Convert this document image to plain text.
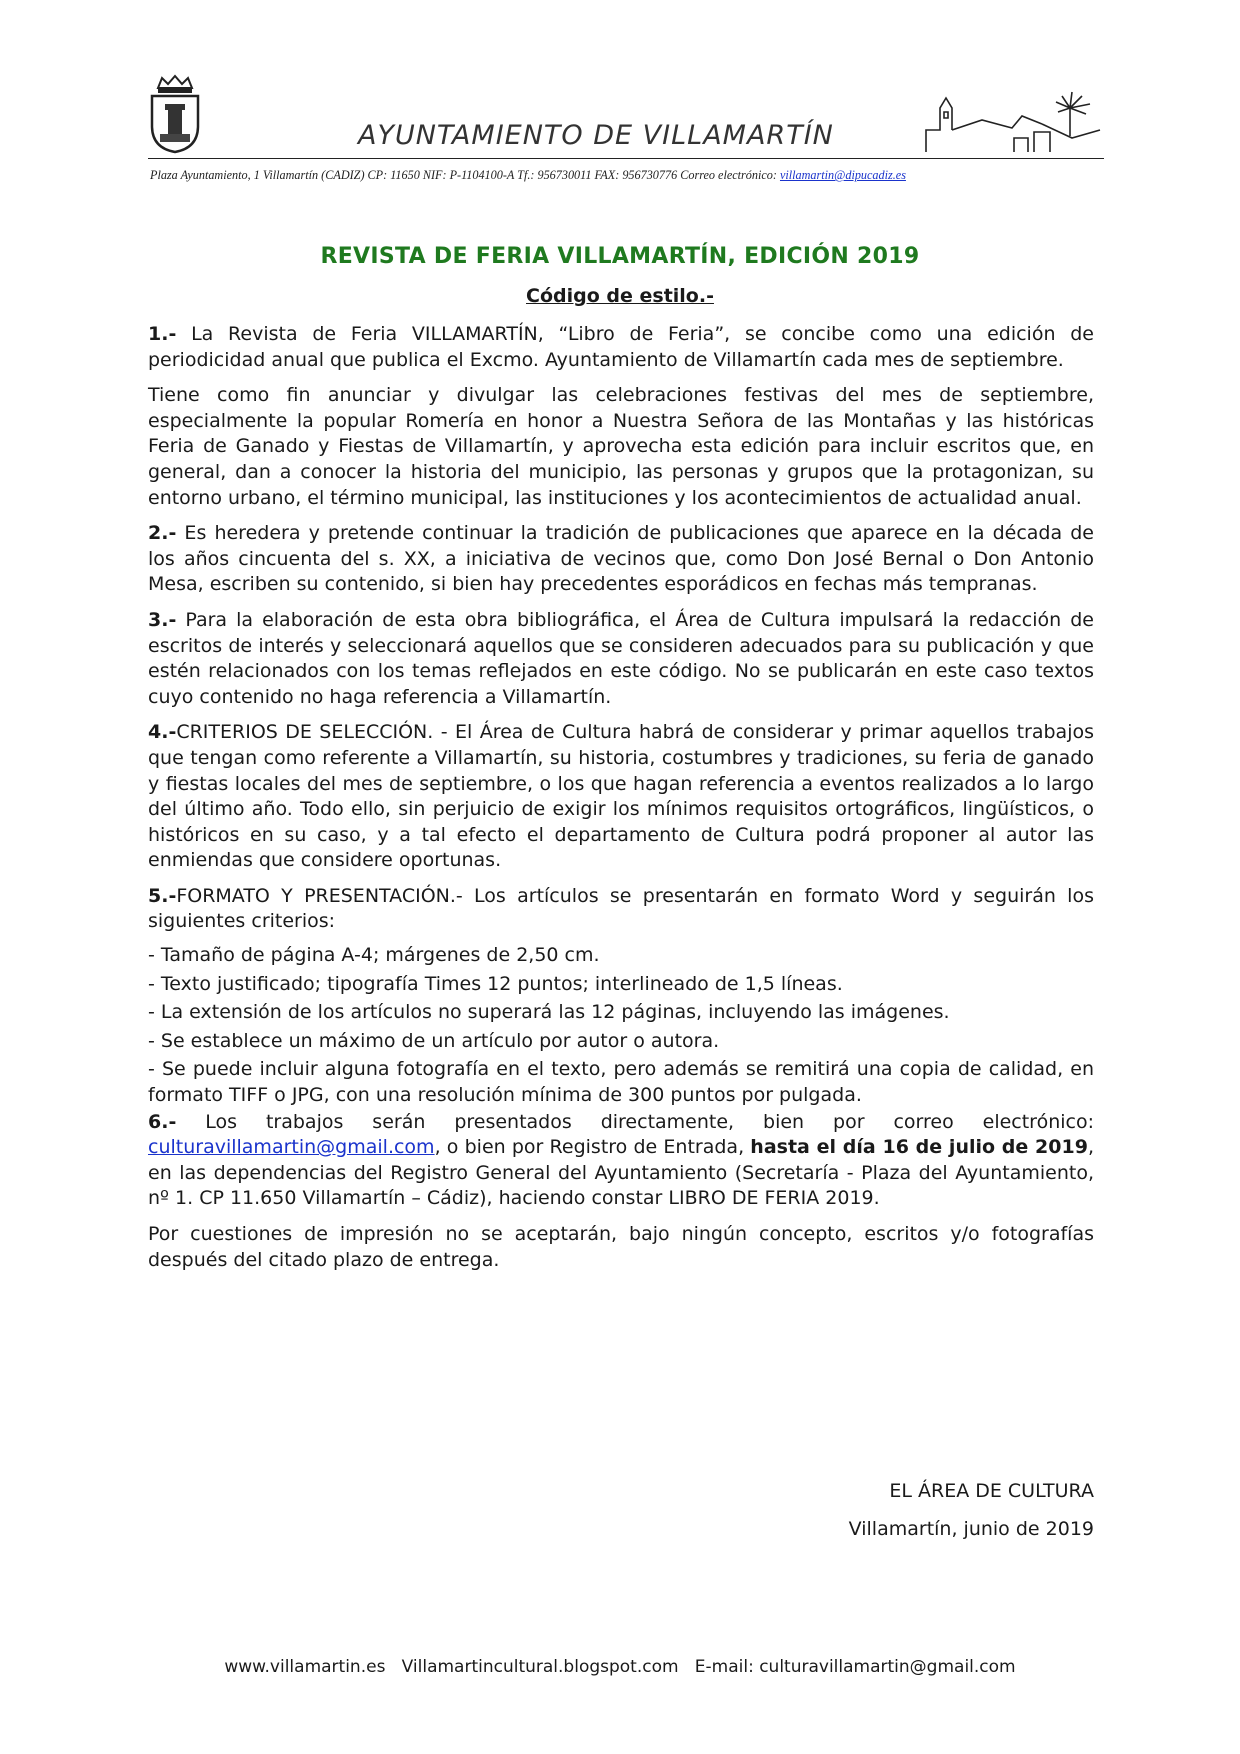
AYUNTAMIENTO DE VILLAMARTÍN
Plaza Ayuntamiento, 1 Villamartín (CADIZ) CP: 11650 NIF: P-1104100-A Tf.: 956730011 FAX: 956730776 Correo electrónico: villamartin@dipucadiz.es
REVISTA DE FERIA VILLAMARTÍN, EDICIÓN 2019
Código de estilo.-

1.- La Revista de Feria VILLAMARTÍN, “Libro de Feria”, se concibe como una edición de periodicidad anual que publica el Excmo. Ayuntamiento de Villamartín cada mes de septiembre.

Tiene como fin anunciar y divulgar las celebraciones festivas del mes de septiembre, especialmente la popular Romería en honor a Nuestra Señora de las Montañas y las históricas Feria de Ganado y Fiestas de Villamartín, y aprovecha esta edición para incluir escritos que, en general, dan a conocer la historia del municipio, las personas y grupos que la protagonizan, su entorno urbano, el término municipal, las instituciones y los acontecimientos de actualidad anual.

2.- Es heredera y pretende continuar la tradición de publicaciones que aparece en la década de los años cincuenta del s. XX, a iniciativa de vecinos que, como Don José Bernal o Don Antonio Mesa, escriben su contenido, si bien hay precedentes esporádicos en fechas más tempranas.

3.- Para la elaboración de esta obra bibliográfica, el Área de Cultura impulsará la redacción de escritos de interés y seleccionará aquellos que se consideren adecuados para su publicación y que estén relacionados con los temas reflejados en este código. No se publicarán en este caso textos cuyo contenido no haga referencia a Villamartín.

4.-CRITERIOS DE SELECCIÓN. - El Área de Cultura habrá de considerar y primar aquellos trabajos que tengan como referente a Villamartín, su historia, costumbres y tradiciones, su feria de ganado y fiestas locales del mes de septiembre, o los que hagan referencia a eventos realizados a lo largo del último año. Todo ello, sin perjuicio de exigir los mínimos requisitos ortográficos, lingüísticos, o históricos en su caso, y a tal efecto el departamento de Cultura podrá proponer al autor las enmiendas que considere oportunas.

5.-FORMATO Y PRESENTACIÓN.- Los artículos se presentarán en formato Word y seguirán los siguientes criterios:

- Tamaño de página A-4; márgenes de 2,50 cm.
- Texto justificado; tipografía Times 12 puntos; interlineado de 1,5 líneas.
- La extensión de los artículos no superará las 12 páginas, incluyendo las imágenes.
- Se establece un máximo de un artículo por autor o autora.
- Se puede incluir alguna fotografía en el texto, pero además se remitirá una copia de calidad, en formato TIFF o JPG, con una resolución mínima de 300 puntos por pulgada.

6.- Los trabajos serán presentados directamente, bien por correo electrónico: culturavillamartin@gmail.com, o bien por Registro de Entrada, hasta el día 16 de julio de 2019, en las dependencias del Registro General del Ayuntamiento (Secretaría - Plaza del Ayuntamiento, nº 1. CP 11.650 Villamartín – Cádiz), haciendo constar LIBRO DE FERIA 2019.

Por cuestiones de impresión no se aceptarán, bajo ningún concepto, escritos y/o fotografías después del citado plazo de entrega.

EL ÁREA DE CULTURA
Villamartín, junio de 2019
www.villamartin.es   Villamartincultural.blogspot.com   E-mail: culturavillamartin@gmail.com
